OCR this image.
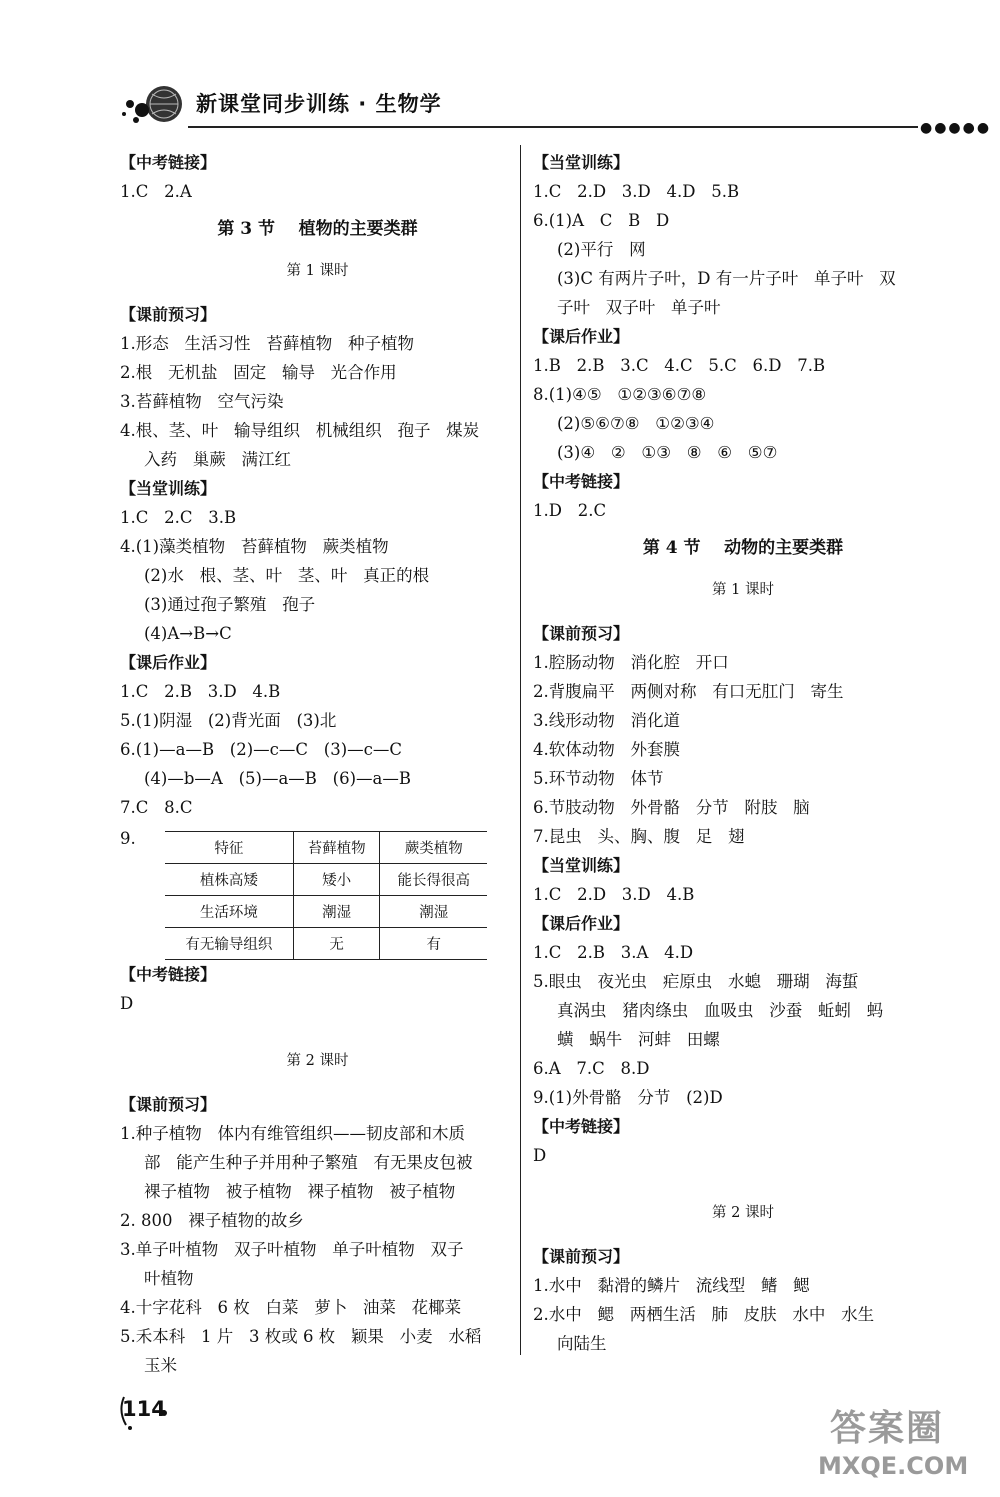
新课堂同步训练 · 生物学
●●●●●
【中考链接】
1.C   2.A
第 3 节    植物的主要类群
第 1 课时
【课前预习】
1.形态   生活习性   苔藓植物   种子植物
2.根   无机盐   固定   输导   光合作用
3.苔藓植物   空气污染
4.根、茎、叶   输导组织   机械组织   孢子   煤炭
入药   巢蕨   满江红
【当堂训练】
1.C   2.C   3.B
4.(1)藻类植物   苔藓植物   蕨类植物
(2)水   根、茎、叶   茎、叶   真正的根
(3)通过孢子繁殖   孢子
(4)A→B→C
【课后作业】
1.C   2.B   3.D   4.B
5.(1)阴湿   (2)背光面   (3)北
6.(1)—a—B   (2)—c—C   (3)—c—C
(4)—b—A   (5)—a—B   (6)—a—B
7.C   8.C
9.
特征	苔藓植物	蕨类植物
植株高矮	矮小	能长得很高
生活环境	潮湿	潮湿
有无输导组织	无	有
【中考链接】
D
第 2 课时
【课前预习】
1.种子植物   体内有维管组织——韧皮部和木质
部   能产生种子并用种子繁殖   有无果皮包被
裸子植物   被子植物   裸子植物   被子植物
2. 800   裸子植物的故乡
3.单子叶植物   双子叶植物   单子叶植物   双子
叶植物
4.十字花科   6 枚   白菜   萝卜   油菜   花椰菜
5.禾本科   1 片   3 枚或 6 枚   颖果   小麦   水稻
玉米
【当堂训练】
1.C   2.D   3.D   4.D   5.B
6.(1)A   C   B   D
(2)平行   网
(3)C 有两片子叶，D 有一片子叶   单子叶   双
子叶   双子叶   单子叶
【课后作业】
1.B   2.B   3.C   4.C   5.C   6.D   7.B
8.(1)④⑤   ①②③⑥⑦⑧
(2)⑤⑥⑦⑧   ①②③④
(3)④   ②   ①③   ⑧   ⑥   ⑤⑦
【中考链接】
1.D   2.C
第 4 节    动物的主要类群
第 1 课时
【课前预习】
1.腔肠动物   消化腔   开口
2.背腹扁平   两侧对称   有口无肛门   寄生
3.线形动物   消化道
4.软体动物   外套膜
5.环节动物   体节
6.节肢动物   外骨骼   分节   附肢   脑
7.昆虫   头、胸、腹   足   翅
【当堂训练】
1.C   2.D   3.D   4.B
【课后作业】
1.C   2.B   3.A   4.D
5.眼虫   夜光虫   疟原虫   水螅   珊瑚   海蜇
真涡虫   猪肉绦虫   血吸虫   沙蚕   蚯蚓   蚂
蟥   蜗牛   河蚌   田螺
6.A   7.C   8.D
9.(1)外骨骼   分节   (2)D
【中考链接】
D
第 2 课时
【课前预习】
1.水中   黏滑的鳞片   流线型   鳍   鳃
2.水中   鳃   两栖生活   肺   皮肤   水中   水生
向陆生
114	答案圈
MXQE.COM
